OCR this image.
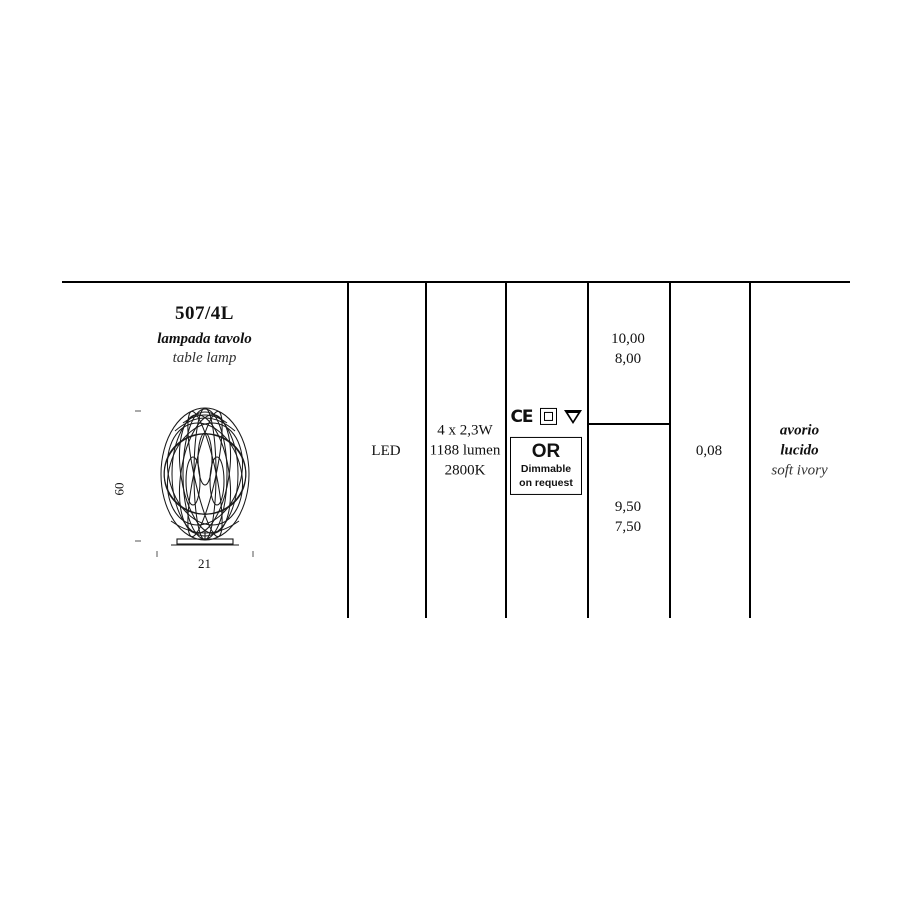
507/4L
lampada tavolo
table lamp
60
21
LED
4 x 2,3W
1188 lumen
2800K
CE
OR
Dimmable
on request
10,00
8,00
9,50
7,50
0,08
avorio
lucido
soft ivory
